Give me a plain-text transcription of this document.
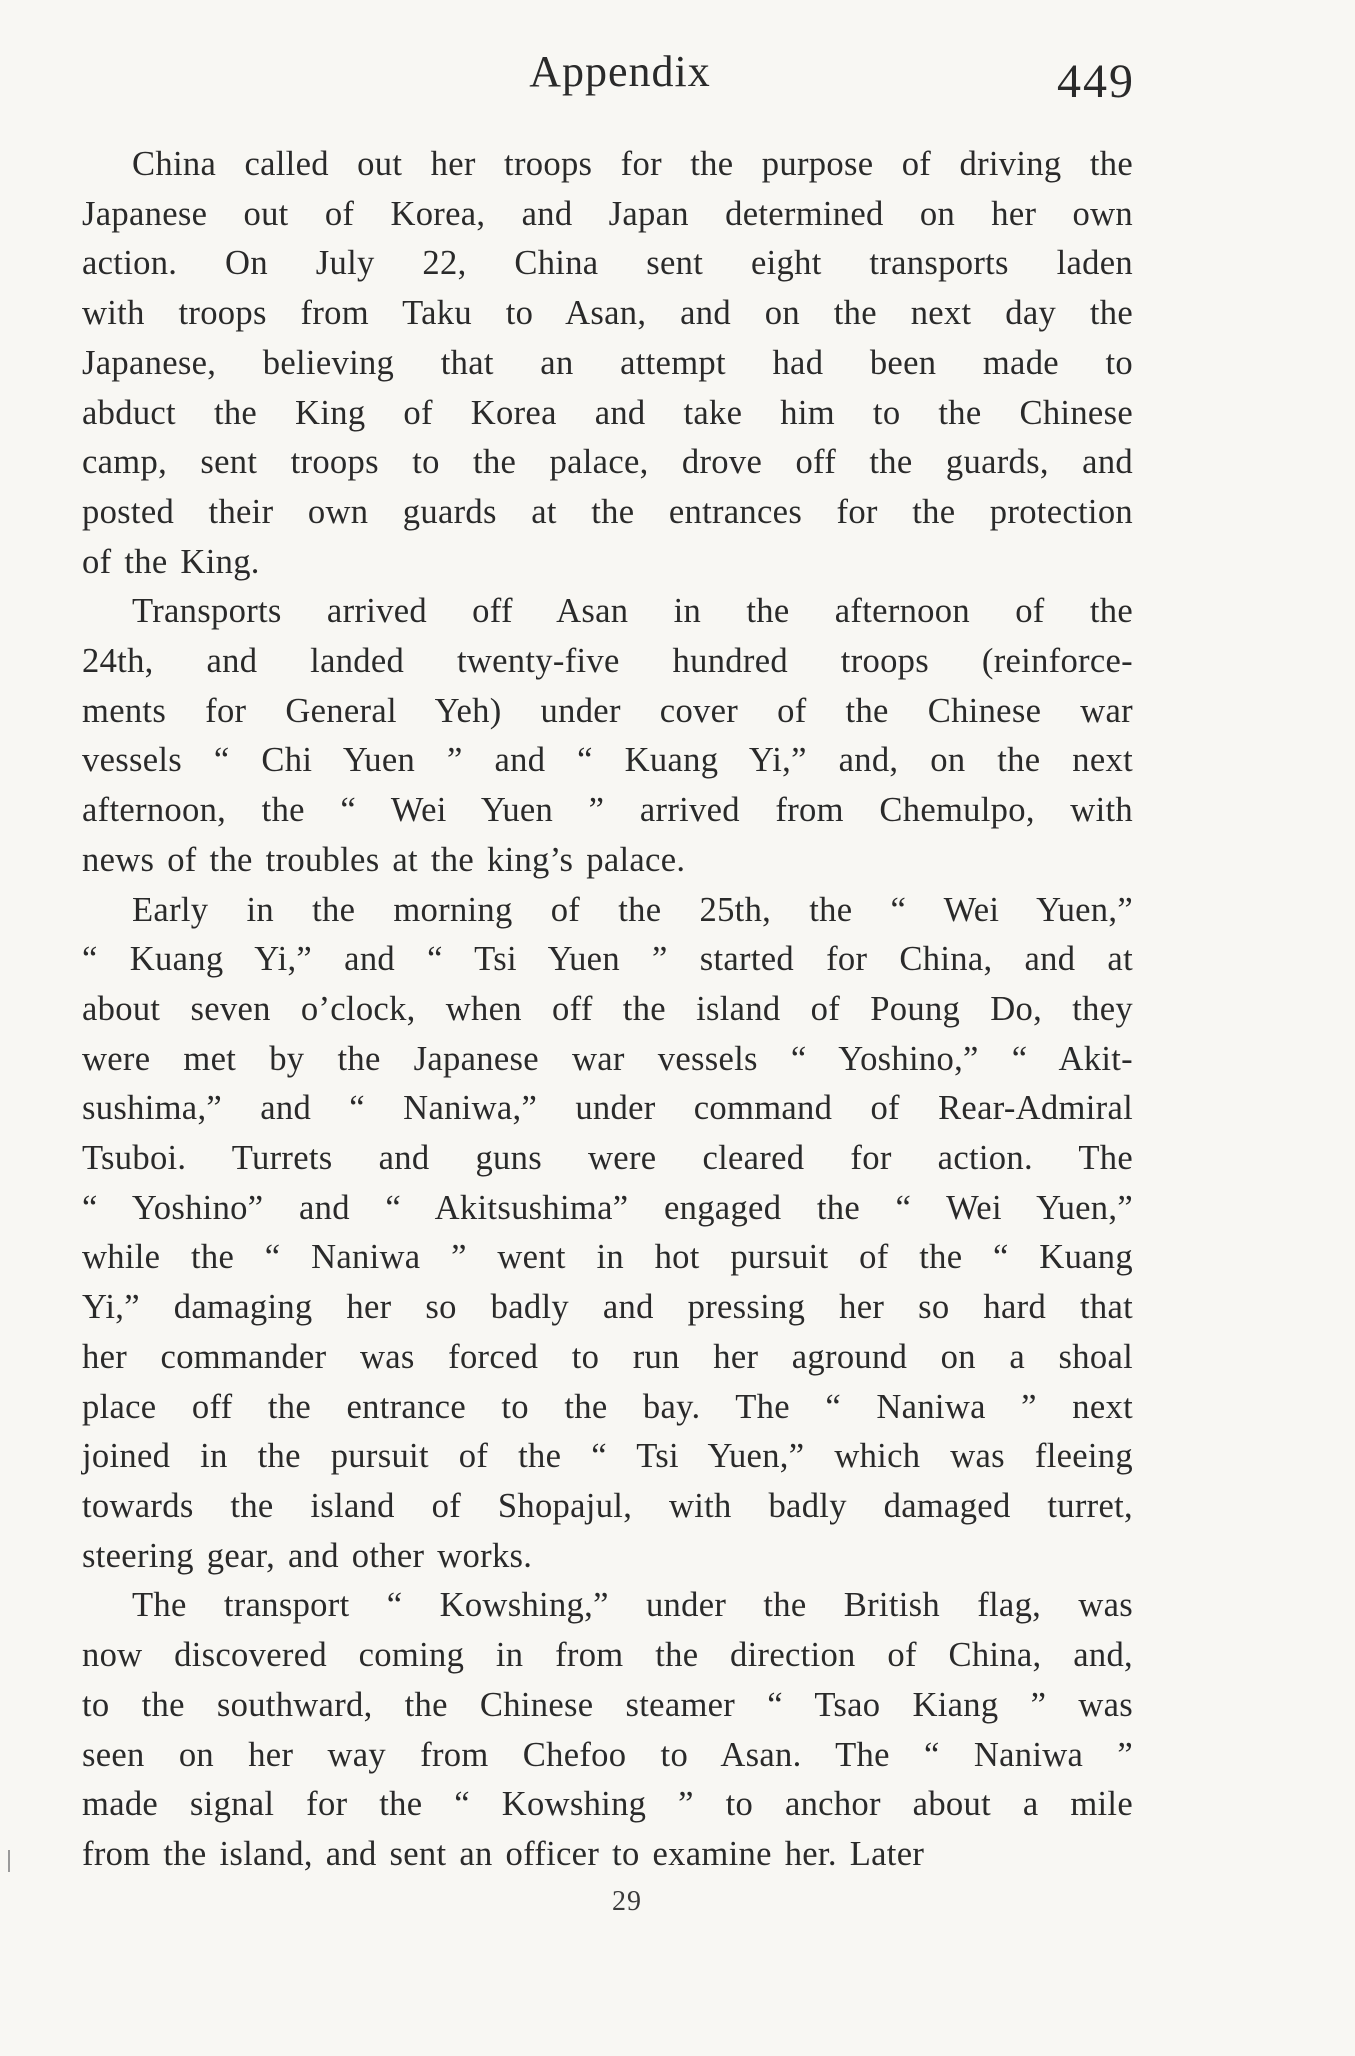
Appendix	449

China called out her troops for the purpose of driving the
Japanese out of Korea, and Japan determined on her own
action. On July 22, China sent eight transports laden
with troops from Taku to Asan, and on the next day the
Japanese, believing that an attempt had been made to
abduct the King of Korea and take him to the Chinese
camp, sent troops to the palace, drove off the guards, and
posted their own guards at the entrances for the protection
of the King.

Transports arrived off Asan in the afternoon of the
24th, and landed twenty-five hundred troops (reinforce-
ments for General Yeh) under cover of the Chinese war
vessels “ Chi Yuen ” and “ Kuang Yi,” and, on the next
afternoon, the “ Wei Yuen ” arrived from Chemulpo, with
news of the troubles at the king’s palace.

Early in the morning of the 25th, the “ Wei Yuen,”
“ Kuang Yi,” and “ Tsi Yuen ” started for China, and at
about seven o’clock, when off the island of Poung Do, they
were met by the Japanese war vessels “ Yoshino,” “ Akit-
sushima,” and “ Naniwa,” under command of Rear-Admiral
Tsuboi. Turrets and guns were cleared for action. The
“ Yoshino” and “ Akitsushima” engaged the “ Wei Yuen,”
while the “ Naniwa ” went in hot pursuit of the “ Kuang
Yi,” damaging her so badly and pressing her so hard that
her commander was forced to run her aground on a shoal
place off the entrance to the bay. The “ Naniwa ” next
joined in the pursuit of the “ Tsi Yuen,” which was fleeing
towards the island of Shopajul, with badly damaged turret,
steering gear, and other works.

The transport “ Kowshing,” under the British flag, was
now discovered coming in from the direction of China, and,
to the southward, the Chinese steamer “ Tsao Kiang ” was
seen on her way from Chefoo to Asan. The “ Naniwa ”
made signal for the “ Kowshing ” to anchor about a mile
from the island, and sent an officer to examine her. Later

29
